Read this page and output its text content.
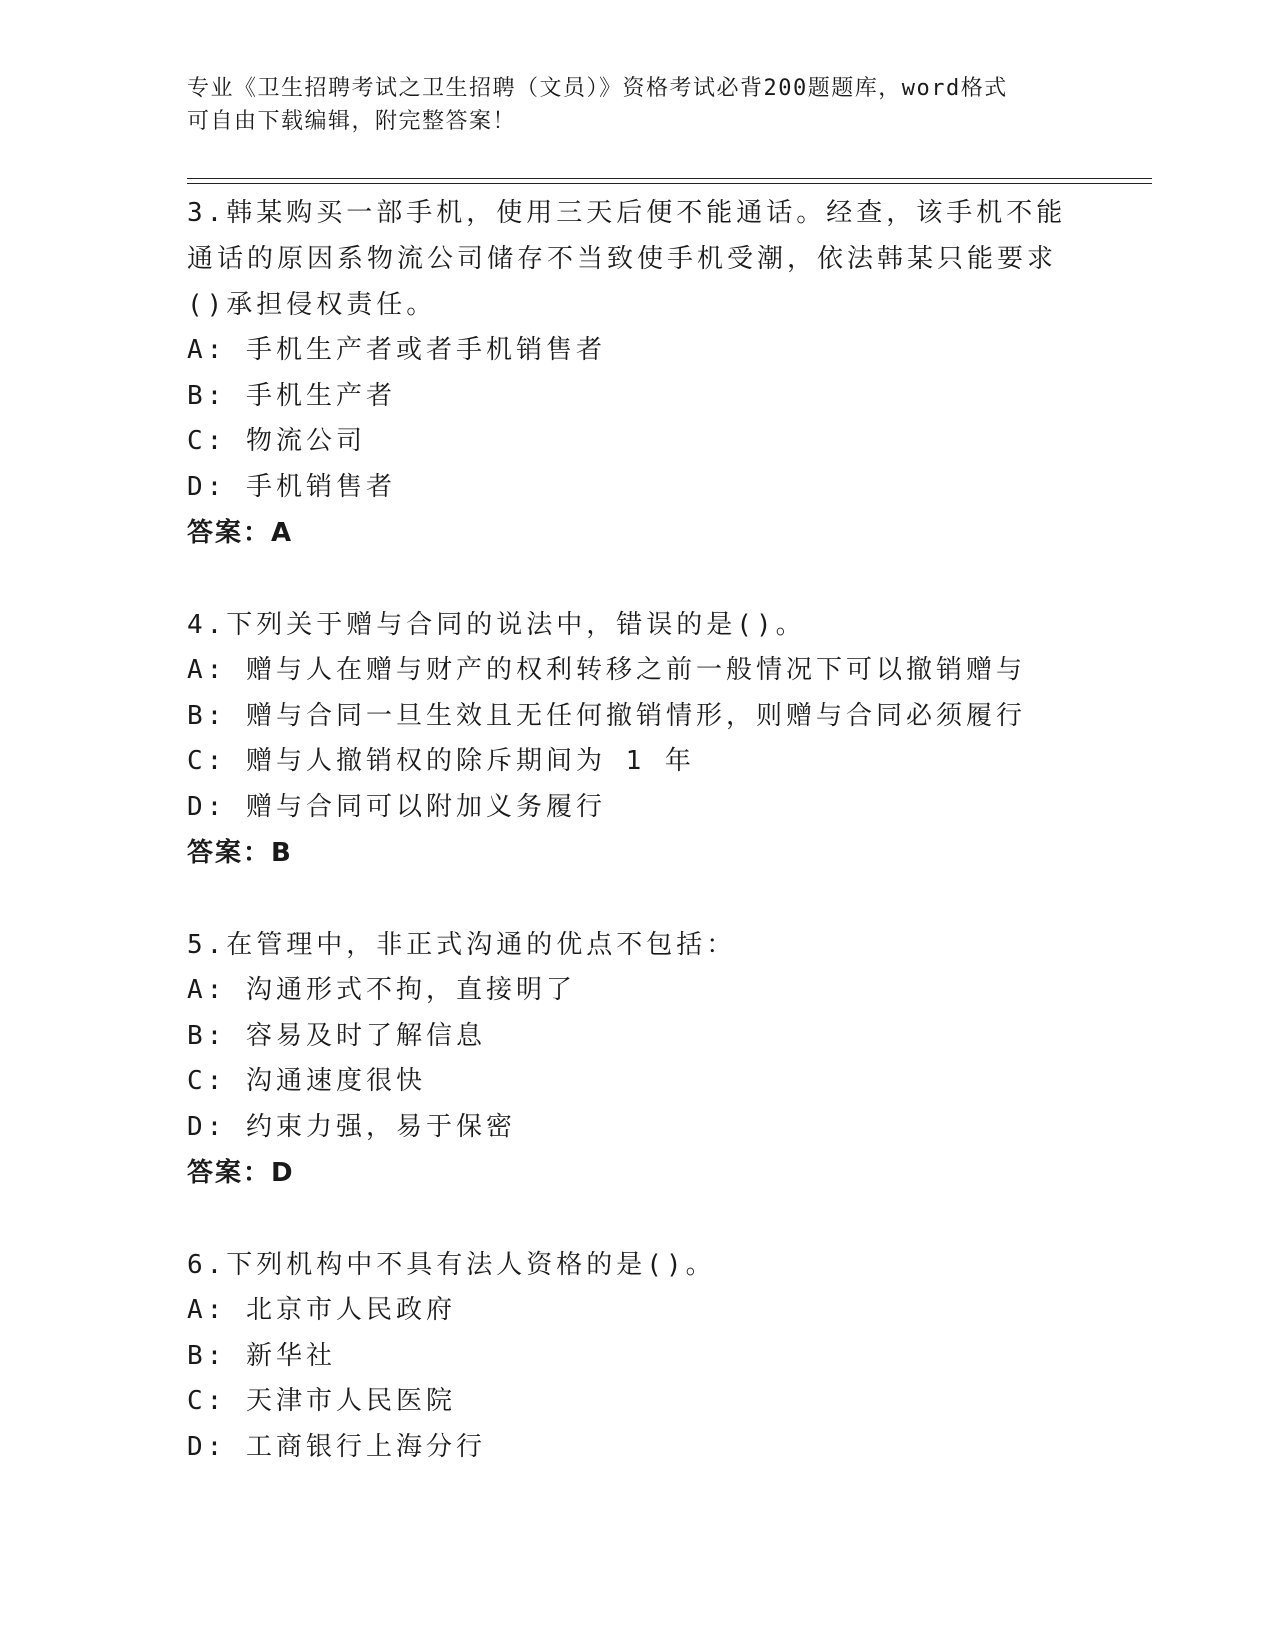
专业《卫生招聘考试之卫生招聘（文员）》资格考试必背200题题库，word格式
可自由下载编辑，附完整答案！
3.韩某购买一部手机，使用三天后便不能通话。经查，该手机不能通话的原因系物流公司储存不当致使手机受潮，依法韩某只能要求()承担侵权责任。
A: 手机生产者或者手机销售者
B: 手机生产者
C: 物流公司
D: 手机销售者
答案：A
4.下列关于赠与合同的说法中，错误的是()。
A: 赠与人在赠与财产的权利转移之前一般情况下可以撤销赠与
B: 赠与合同一旦生效且无任何撤销情形，则赠与合同必须履行
C: 赠与人撤销权的除斥期间为 1 年
D: 赠与合同可以附加义务履行
答案：B
5.在管理中，非正式沟通的优点不包括：
A: 沟通形式不拘，直接明了
B: 容易及时了解信息
C: 沟通速度很快
D: 约束力强，易于保密
答案：D
6.下列机构中不具有法人资格的是()。
A: 北京市人民政府
B: 新华社
C: 天津市人民医院
D: 工商银行上海分行
